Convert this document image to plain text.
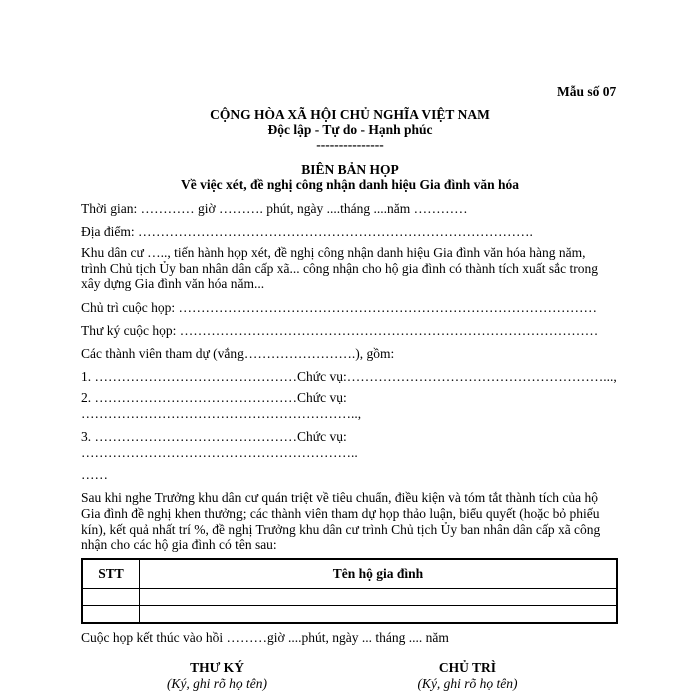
Mẫu số 07

CỘNG HÒA XÃ HỘI CHỦ NGHĨA VIỆT NAM

Độc lập - Tự do - Hạnh phúc

---------------

BIÊN BẢN HỌP

Về việc xét, đề nghị công nhận danh hiệu Gia đình văn hóa

Thời gian: ………… giờ ………. phút, ngày ....tháng ....năm …………

Địa điểm: …………………………………………………………………………….

Khu dân cư ….., tiến hành họp xét, đề nghị công nhận danh hiệu Gia đình văn hóa hàng năm,

trình Chủ tịch Ủy ban nhân dân cấp xã... công nhận cho hộ gia đình có thành tích xuất sắc trong

xây dựng Gia đình văn hóa năm...

Chủ trì cuộc họp: …………………………………………………………………………………

Thư ký cuộc họp: …………………………………………………………………………………

Các thành viên tham dự (vắng…………………….), gồm:

1. ………………………………………Chức vụ:…………………………………………………...,

2. ………………………………………Chức vụ:

……………………………………………………..,

3. ………………………………………Chức vụ:

……………………………………………………..

……

Sau khi nghe Trưởng khu dân cư quán triệt về tiêu chuẩn, điều kiện và tóm tắt thành tích của hộ

Gia đình đề nghị khen thưởng; các thành viên tham dự họp thảo luận, biểu quyết (hoặc bỏ phiếu

kín), kết quả nhất trí %, đề nghị Trưởng khu dân cư trình Chủ tịch Ủy ban nhân dân cấp xã công

nhận cho các hộ gia đình có tên sau:

STT	Tên hộ gia đình

Cuộc họp kết thúc vào hồi ………giờ ....phút, ngày ... tháng .... năm

THƯ KÝ

(Ký, ghi rõ họ tên)

CHỦ TRÌ

(Ký, ghi rõ họ tên)
